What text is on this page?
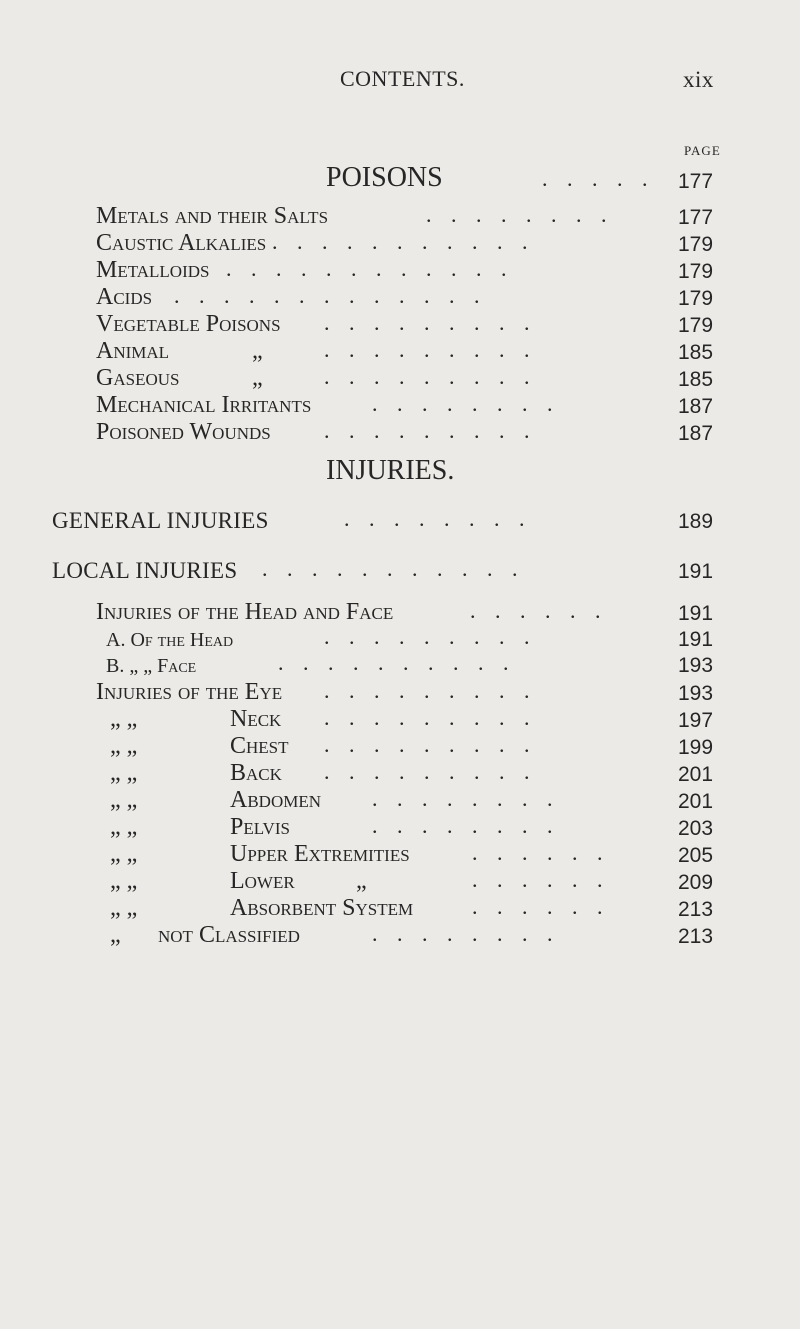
CONTENTS.	xix
PAGE
POISONS	..... 177
Metals and their Salts	........ 177
Caustic Alkalies ...........	179
Metalloids ............	179
Acids .............	179
Vegetable Poisons .........	179
Animal	„	.........	185
Gaseous	„	.........	185
Mechanical Irritants	........	187
Poisoned Wounds .........	187
INJURIES.
GENERAL INJURIES	........	189
LOCAL INJURIES ...........	191
Injuries of the Head and Face	......	191
A. Of the Head	.........	191
B. „ „ Face	..........	193
Injuries of the Eye .........	193
„ „	Neck .........	197
„ „	Chest .........	199
„ „	Back .........	201
„ „	Abdomen ........	201
„ „	Pelvis	........	203
„ „	Upper Extremities	......	205
„ „	Lower	„	......	209
„ „	Absorbent System	......	213
„ not Classified	........	213
